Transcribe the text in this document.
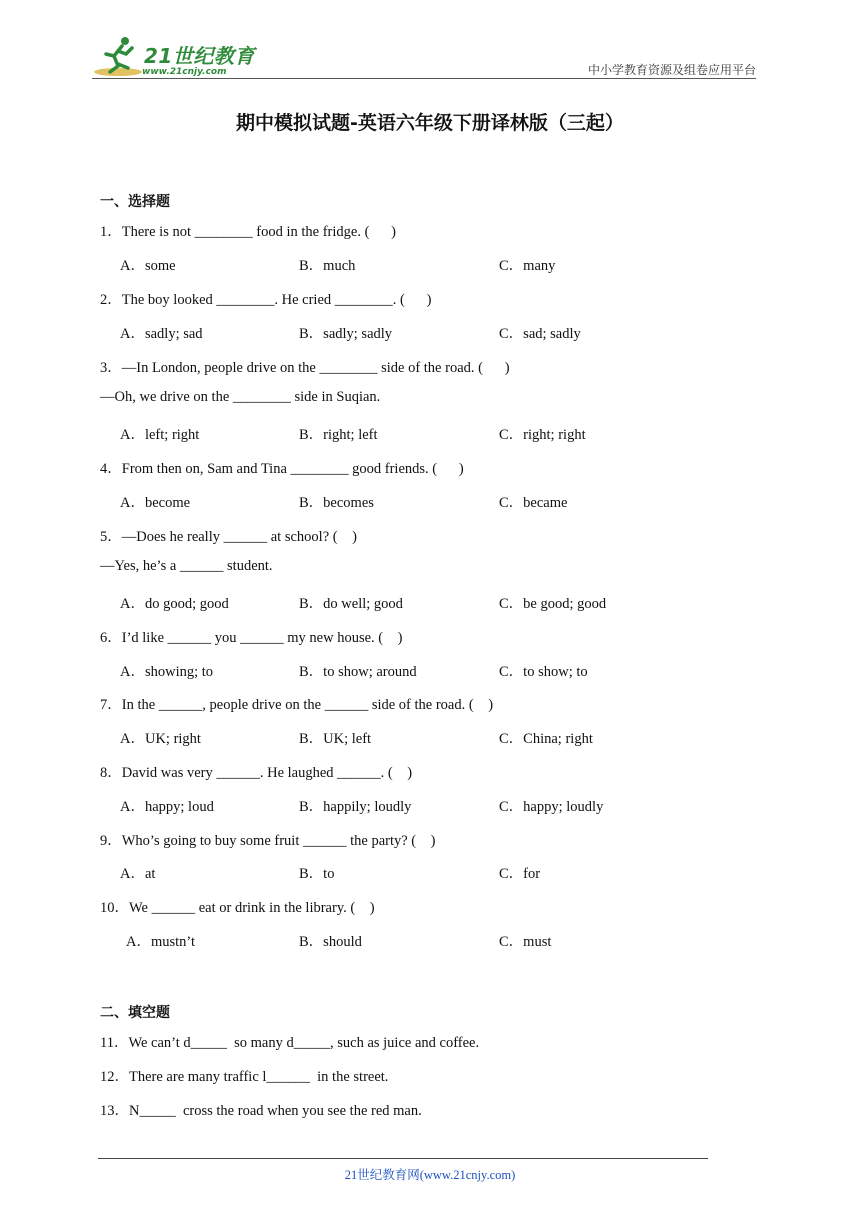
21世纪教育
www.21cnjy.com	中小学教育资源及组卷应用平台
期中模拟试题-英语六年级下册译林版（三起）
一、选择题
1．There is not ________ food in the fridge. (      )
A．some	B．much	C．many
2．The boy looked ________. He cried ________. (      )
A．sadly; sad	B．sadly; sadly	C．sad; sadly
3．—In London, people drive on the ________ side of the road. (      )
—Oh, we drive on the ________ side in Suqian.
A．left; right	B．right; left	C．right; right
4．From then on, Sam and Tina ________ good friends. (      )
A．become	B．becomes	C．became
5．—Does he really ______ at school? (    )
—Yes, he’s a ______ student.
A．do good; good	B．do well; good	C．be good; good
6．I’d like ______ you ______ my new house. (    )
A．showing; to	B．to show; around	C．to show; to
7．In the ______, people drive on the ______ side of the road. (    )
A．UK; right	B．UK; left	C．China; right
8．David was very ______. He laughed ______. (    )
A．happy; loud	B．happily; loudly	C．happy; loudly
9．Who’s going to buy some fruit ______ the party? (    )
A．at	B．to	C．for
10．We ______ eat or drink in the library. (    )
A．mustn’t	B．should	C．must
二、填空题
11．We can’t d_____  so many d_____, such as juice and coffee.
12．There are many traffic l______  in the street.
13．N_____  cross the road when you see the red man.
21世纪教育网(www.21cnjy.com)
